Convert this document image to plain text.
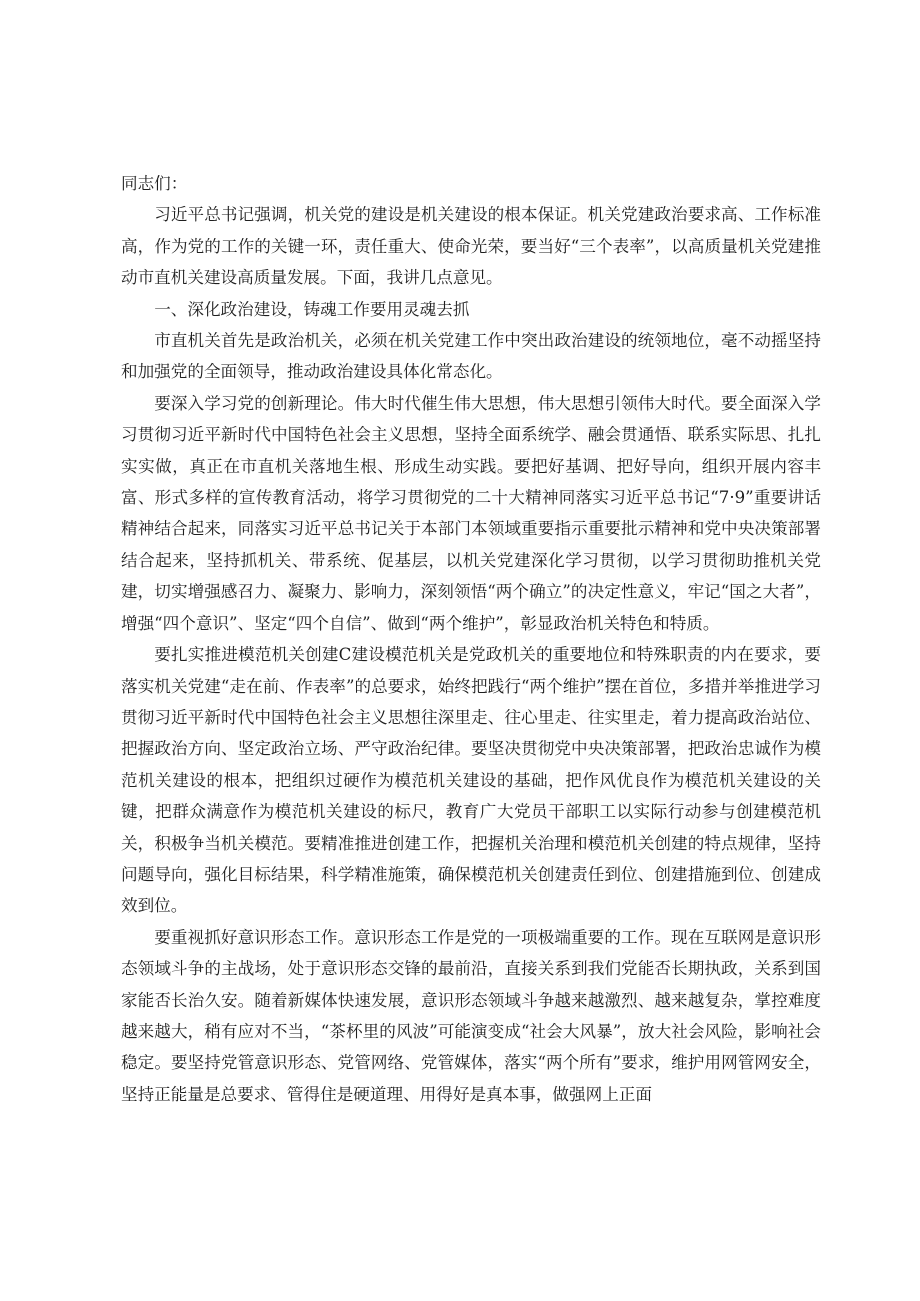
同志们：

习近平总书记强调，机关党的建设是机关建设的根本保证。机关党建政治要求高、工作标准高，作为党的工作的关键一环，责任重大、使命光荣，要当好“三个表率”，以高质量机关党建推动市直机关建设高质量发展。下面，我讲几点意见。

一、深化政治建设，铸魂工作要用灵魂去抓

市直机关首先是政治机关，必须在机关党建工作中突出政治建设的统领地位，毫不动摇坚持和加强党的全面领导，推动政治建设具体化常态化。

要深入学习党的创新理论。伟大时代催生伟大思想，伟大思想引领伟大时代。要全面深入学习贯彻习近平新时代中国特色社会主义思想，坚持全面系统学、融会贯通悟、联系实际思、扎扎实实做，真正在市直机关落地生根、形成生动实践。要把好基调、把好导向，组织开展内容丰富、形式多样的宣传教育活动，将学习贯彻党的二十大精神同落实习近平总书记“7·9”重要讲话精神结合起来，同落实习近平总书记关于本部门本领域重要指示重要批示精神和党中央决策部署结合起来，坚持抓机关、带系统、促基层，以机关党建深化学习贯彻，以学习贯彻助推机关党建，切实增强感召力、凝聚力、影响力，深刻领悟“两个确立”的决定性意义，牢记“国之大者”，增强“四个意识”、坚定“四个自信”、做到“两个维护”，彰显政治机关特色和特质。

要扎实推进模范机关创建C建设模范机关是党政机关的重要地位和特殊职责的内在要求，要落实机关党建“走在前、作表率”的总要求，始终把践行“两个维护”摆在首位，多措并举推进学习贯彻习近平新时代中国特色社会主义思想往深里走、往心里走、往实里走，着力提高政治站位、把握政治方向、坚定政治立场、严守政治纪律。要坚决贯彻党中央决策部署，把政治忠诚作为模范机关建设的根本，把组织过硬作为模范机关建设的基础，把作风优良作为模范机关建设的关键，把群众满意作为模范机关建设的标尺，教育广大党员干部职工以实际行动参与创建模范机关，积极争当机关模范。要精准推进创建工作，把握机关治理和模范机关创建的特点规律，坚持问题导向，强化目标结果，科学精准施策，确保模范机关创建责任到位、创建措施到位、创建成效到位。

要重视抓好意识形态工作。意识形态工作是党的一项极端重要的工作。现在互联网是意识形态领域斗争的主战场，处于意识形态交锋的最前沿，直接关系到我们党能否长期执政，关系到国家能否长治久安。随着新媒体快速发展，意识形态领域斗争越来越激烈、越来越复杂，掌控难度越来越大，稍有应对不当，“茶杯里的风波”可能演变成“社会大风暴”，放大社会风险，影响社会稳定。要坚持党管意识形态、党管网络、党管媒体，落实“两个所有”要求，维护用网管网安全，坚持正能量是总要求、管得住是硬道理、用得好是真本事，做强网上正面
